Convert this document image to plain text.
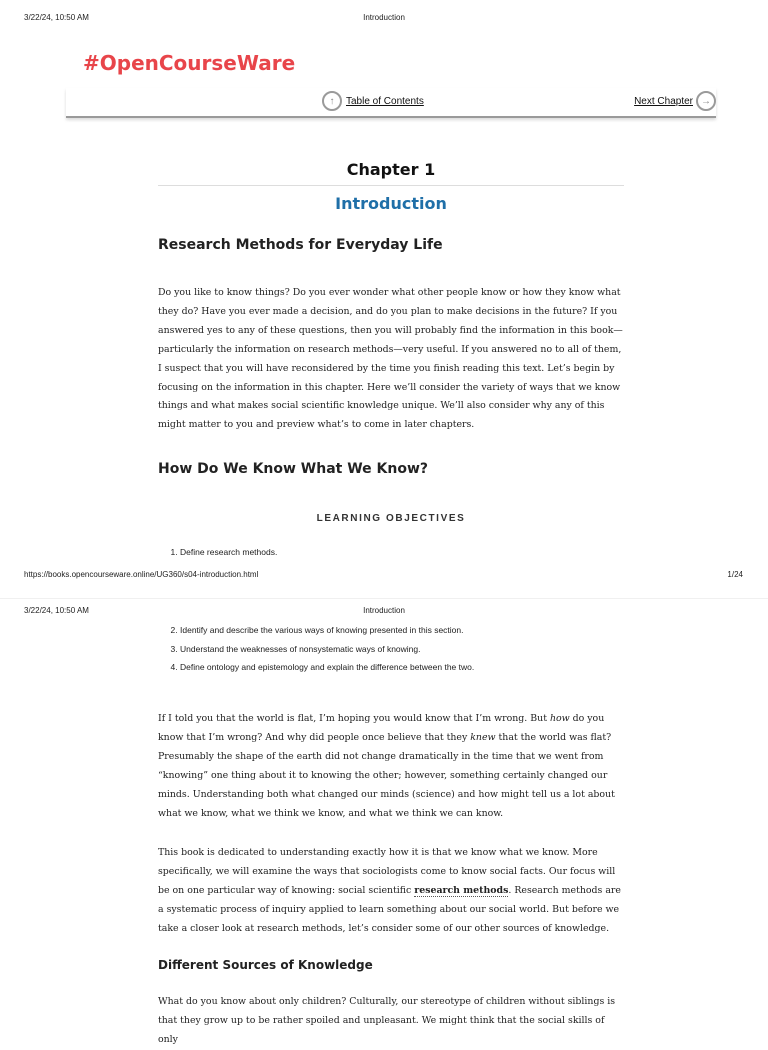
3/22/24, 10:50 AM	Introduction
#OpenCourseWare
↑	Table of Contents	Next Chapter →
Chapter 1
Introduction
Research Methods for Everyday Life
Do you like to know things? Do you ever wonder what other people know or how they know what they do? Have you ever made a decision, and do you plan to make decisions in the future? If you answered yes to any of these questions, then you will probably find the information in this book—particularly the information on research methods—very useful. If you answered no to all of them, I suspect that you will have reconsidered by the time you finish reading this text. Let’s begin by focusing on the information in this chapter. Here we’ll consider the variety of ways that we know things and what makes social scientific knowledge unique. We’ll also consider why any of this might matter to you and preview what’s to come in later chapters.
How Do We Know What We Know?
LEARNING OBJECTIVES
1. Define research methods.
https://books.opencourseware.online/UG360/s04-introduction.html	1/24
3/22/24, 10:50 AM	Introduction
2. Identify and describe the various ways of knowing presented in this section.
3. Understand the weaknesses of nonsystematic ways of knowing.
4. Define ontology and epistemology and explain the difference between the two.
If I told you that the world is flat, I’m hoping you would know that I’m wrong. But how do you know that I’m wrong? And why did people once believe that they knew that the world was flat? Presumably the shape of the earth did not change dramatically in the time that we went from “knowing” one thing about it to knowing the other; however, something certainly changed our minds. Understanding both what changed our minds (science) and how might tell us a lot about what we know, what we think we know, and what we think we can know.
This book is dedicated to understanding exactly how it is that we know what we know. More specifically, we will examine the ways that sociologists come to know social facts. Our focus will be on one particular way of knowing: social scientific research methods. Research methods are a systematic process of inquiry applied to learn something about our social world. But before we take a closer look at research methods, let’s consider some of our other sources of knowledge.
Different Sources of Knowledge
What do you know about only children? Culturally, our stereotype of children without siblings is that they grow up to be rather spoiled and unpleasant. We might think that the social skills of only
